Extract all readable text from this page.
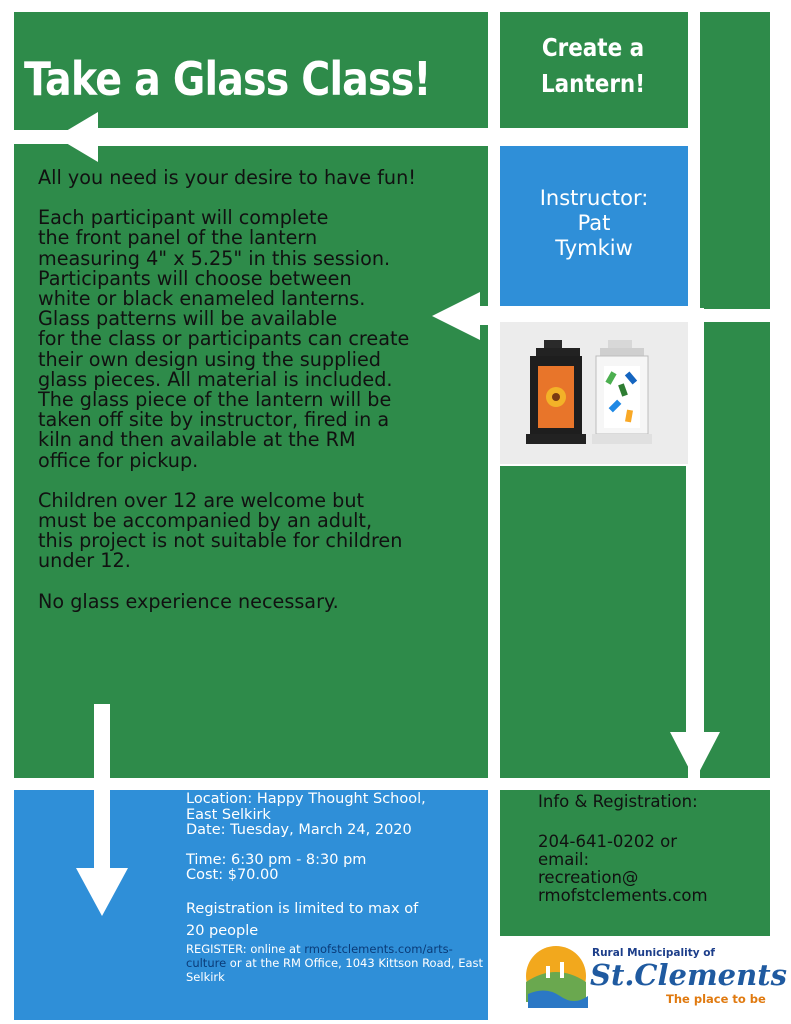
Take a Glass Class!
Create a
Lantern!

All you need is your desire to have fun!

Each participant will complete
the front panel of the lantern
measuring 4" x 5.25" in this session.
Participants will choose between
white or black enameled lanterns.
Glass patterns will be available
for the class or participants can create
their own design using the supplied
glass pieces. All material is included.
The glass piece of the lantern will be
taken off site by instructor, fired in a
kiln and then available at the RM
office for pickup.

Children over 12 are welcome but
must be accompanied by an adult,
this project is not suitable for children
under 12.

No glass experience necessary.

Instructor:
Pat
Tymkiw

Location: Happy Thought School,

East Selkirk

Date: Tuesday, March 24, 2020

Time: 6:30 pm - 8:30 pm

Cost: $70.00

Registration is limited to max of

20 people

REGISTER: online at rmofstclements.com/arts- culture or at the RM Office, 1043 Kittson Road, East Selkirk

Info & Registration:

204-641-0202 or

email:

recreation@

rmofstclements.com

Rural Municipality of
St.Clements
The place to be
